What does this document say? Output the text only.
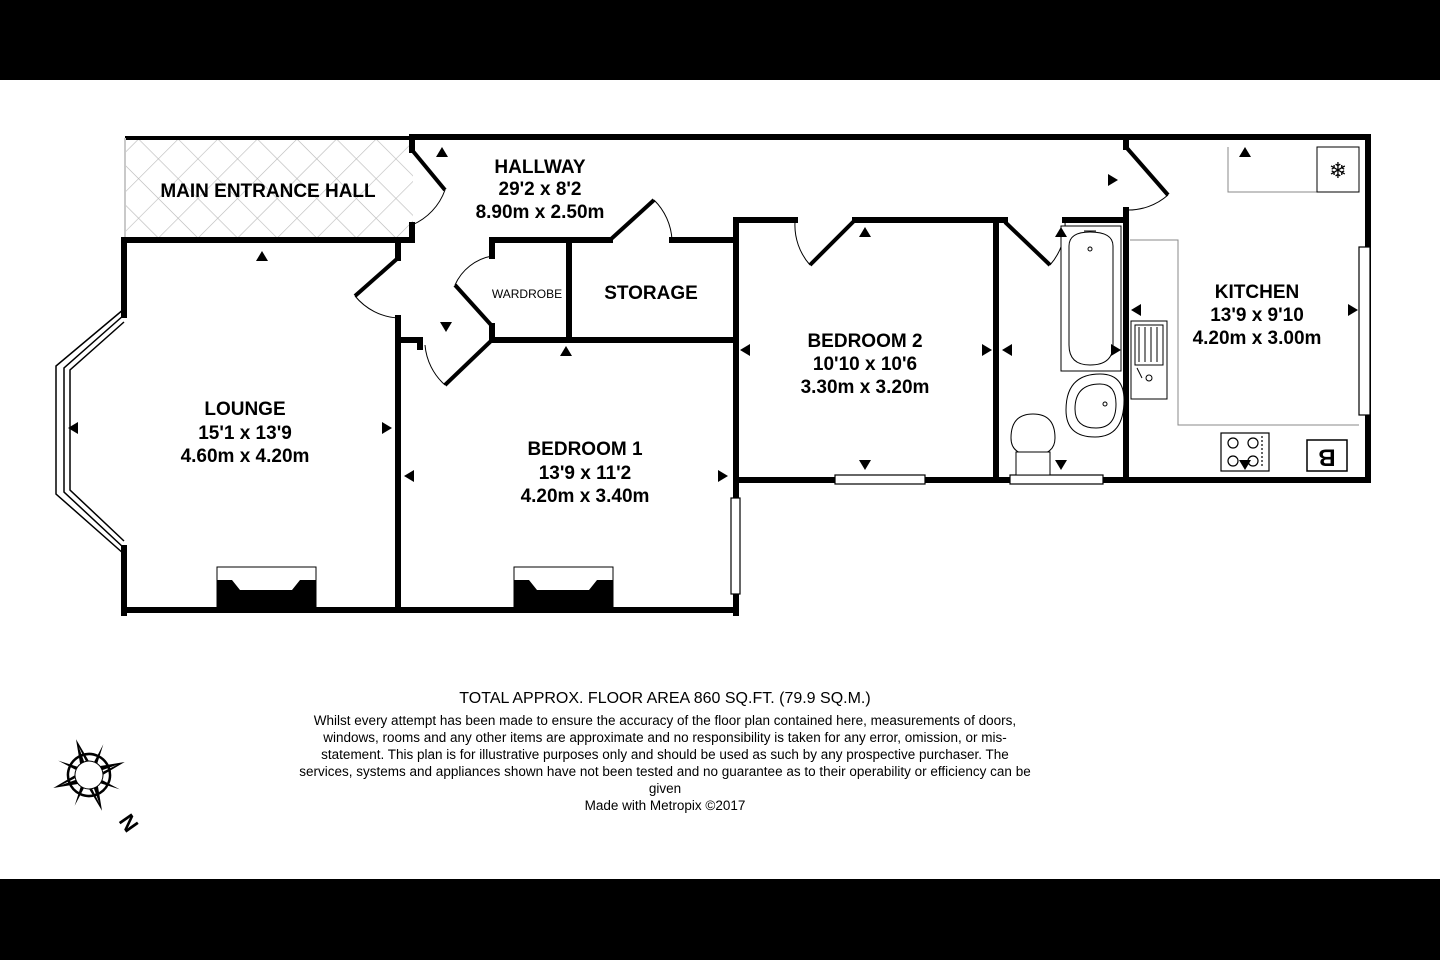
❄
B
MAIN ENTRANCE HALL
HALLWAY
29'2 x 8'2
8.90m x 2.50m
WARDROBE STORAGE
LOUNGE
15'1 x 13'9
4.60m x 4.20m	BEDROOM 1
13'9 x 11'2
4.20m x 3.40m
BEDROOM 2
10'10 x 10'6
3.30m x 3.20m
KITCHEN
13'9 x 9'10
4.20m x 3.00m
N
TOTAL APPROX. FLOOR AREA 860 SQ.FT. (79.9 SQ.M.)
Whilst every attempt has been made to ensure the accuracy of the floor plan contained here, measurements of doors, windows, rooms and any other items are approximate and no responsibility is taken for any error, omission, or mis-statement. This plan is for illustrative purposes only and should be used as such by any prospective purchaser. The services, systems and appliances shown have not been tested and no guarantee as to their operability or efficiency can be given
Made with Metropix ©2017
